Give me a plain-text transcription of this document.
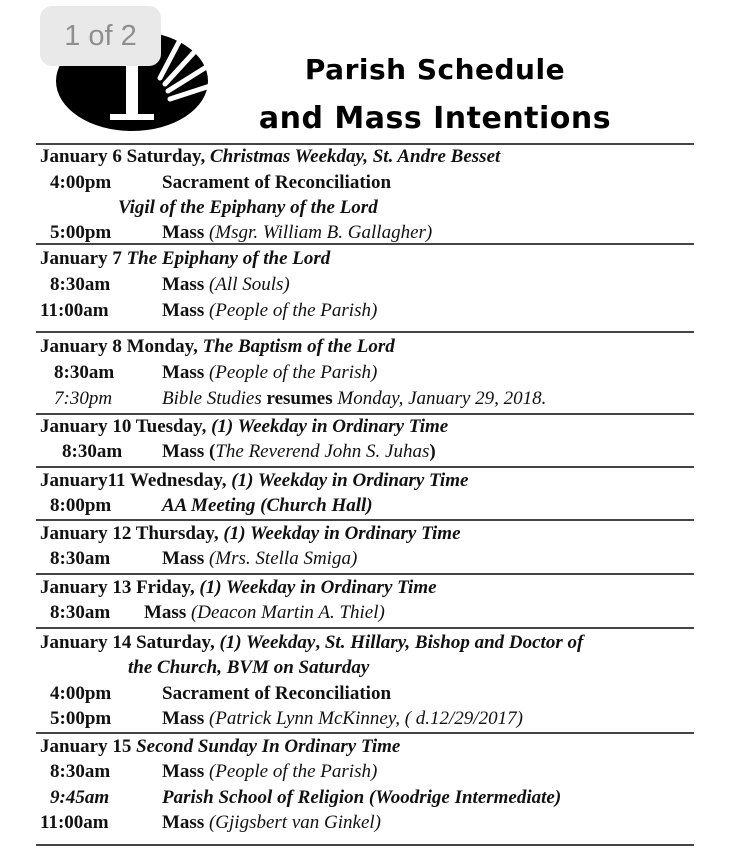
1 of 2
Parish Schedule
and Mass Intentions
January 6 Saturday, Christmas Weekday, St. Andre Besset
4:00pm	Sacrament of Reconciliation
Vigil of the Epiphany of the Lord
5:00pm	Mass (Msgr. William B. Gallagher)
January 7 The Epiphany of the Lord
8:30am	Mass (All Souls)
11:00am	Mass (People of the Parish)
January 8 Monday, The Baptism of the Lord
8:30am	Mass (People of the Parish)
7:30pm	Bible Studies resumes Monday, January 29, 2018.
January 10 Tuesday, (1) Weekday in Ordinary Time
8:30am	Mass (The Reverend John S. Juhas)
January11 Wednesday, (1) Weekday in Ordinary Time
8:00pm	AA Meeting (Church Hall)
January 12 Thursday, (1) Weekday in Ordinary Time
8:30am	Mass (Mrs. Stella Smiga)
January 13 Friday, (1) Weekday in Ordinary Time
8:30am	Mass (Deacon Martin A. Thiel)
January 14 Saturday, (1) Weekday, St. Hillary, Bishop and Doctor of
the Church, BVM on Saturday
4:00pm	Sacrament of Reconciliation
5:00pm	Mass (Patrick Lynn McKinney, ( d.12/29/2017)
January 15 Second Sunday In Ordinary Time
8:30am	Mass (People of the Parish)
9:45am	Parish School of Religion (Woodrige Intermediate)
11:00am	Mass (Gjigsbert van Ginkel)
